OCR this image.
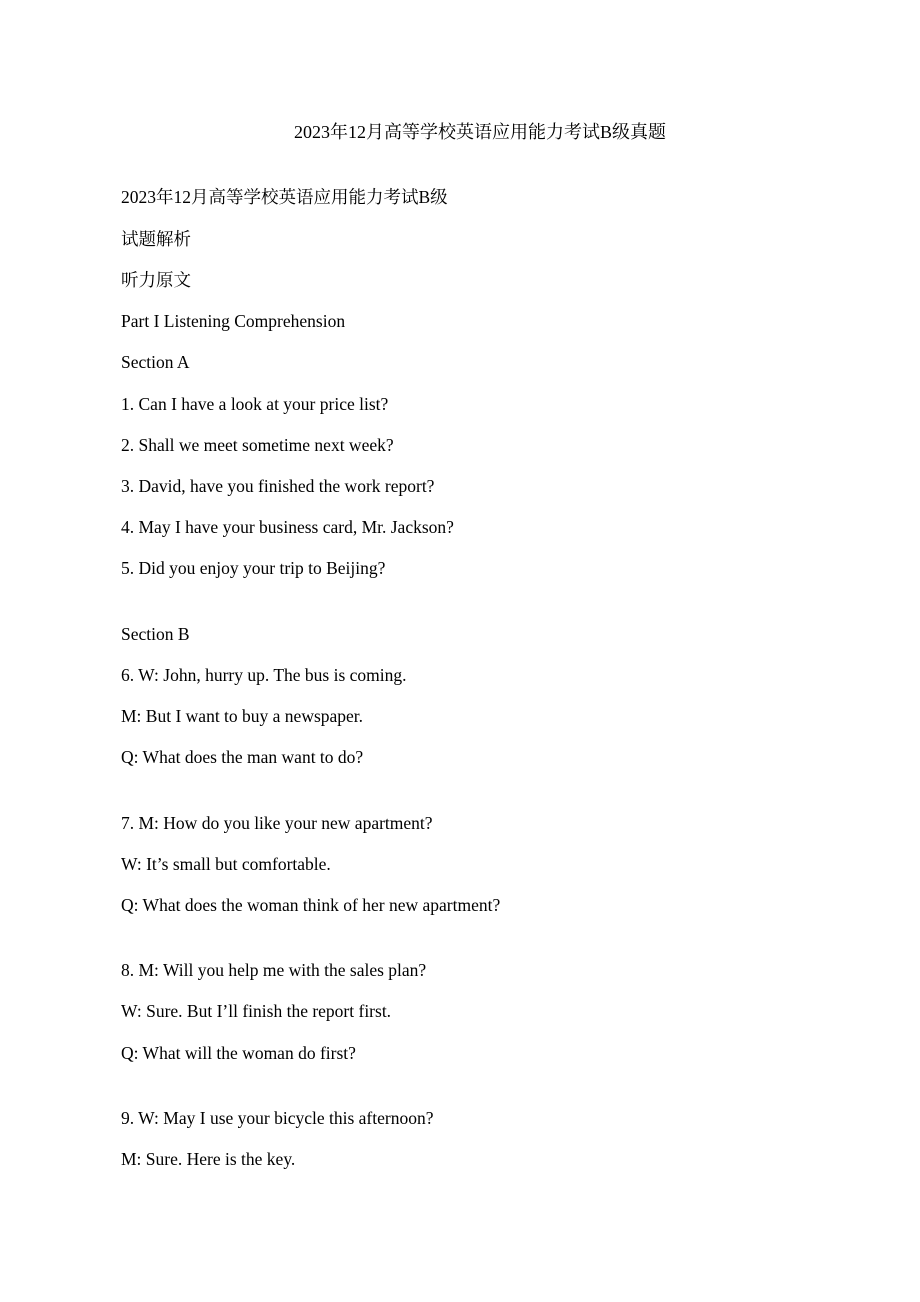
2023年12月高等学校英语应用能力考试B级真题
2023年12月高等学校英语应用能力考试B级
试题解析
听力原文
Part I Listening Comprehension
Section A
1. Can I have a look at your price list?
2. Shall we meet sometime next week?
3. David, have you finished the work report?
4. May I have your business card, Mr. Jackson?
5. Did you enjoy your trip to Beijing?
Section B
6. W: John, hurry up. The bus is coming.
M: But I want to buy a newspaper.
Q: What does the man want to do?
7. M: How do you like your new apartment?
W: It’s small but comfortable.
Q: What does the woman think of her new apartment?
8. M: Will you help me with the sales plan?
W: Sure. But I’ll finish the report first.
Q: What will the woman do first?
9. W: May I use your bicycle this afternoon?
M: Sure. Here is the key.
